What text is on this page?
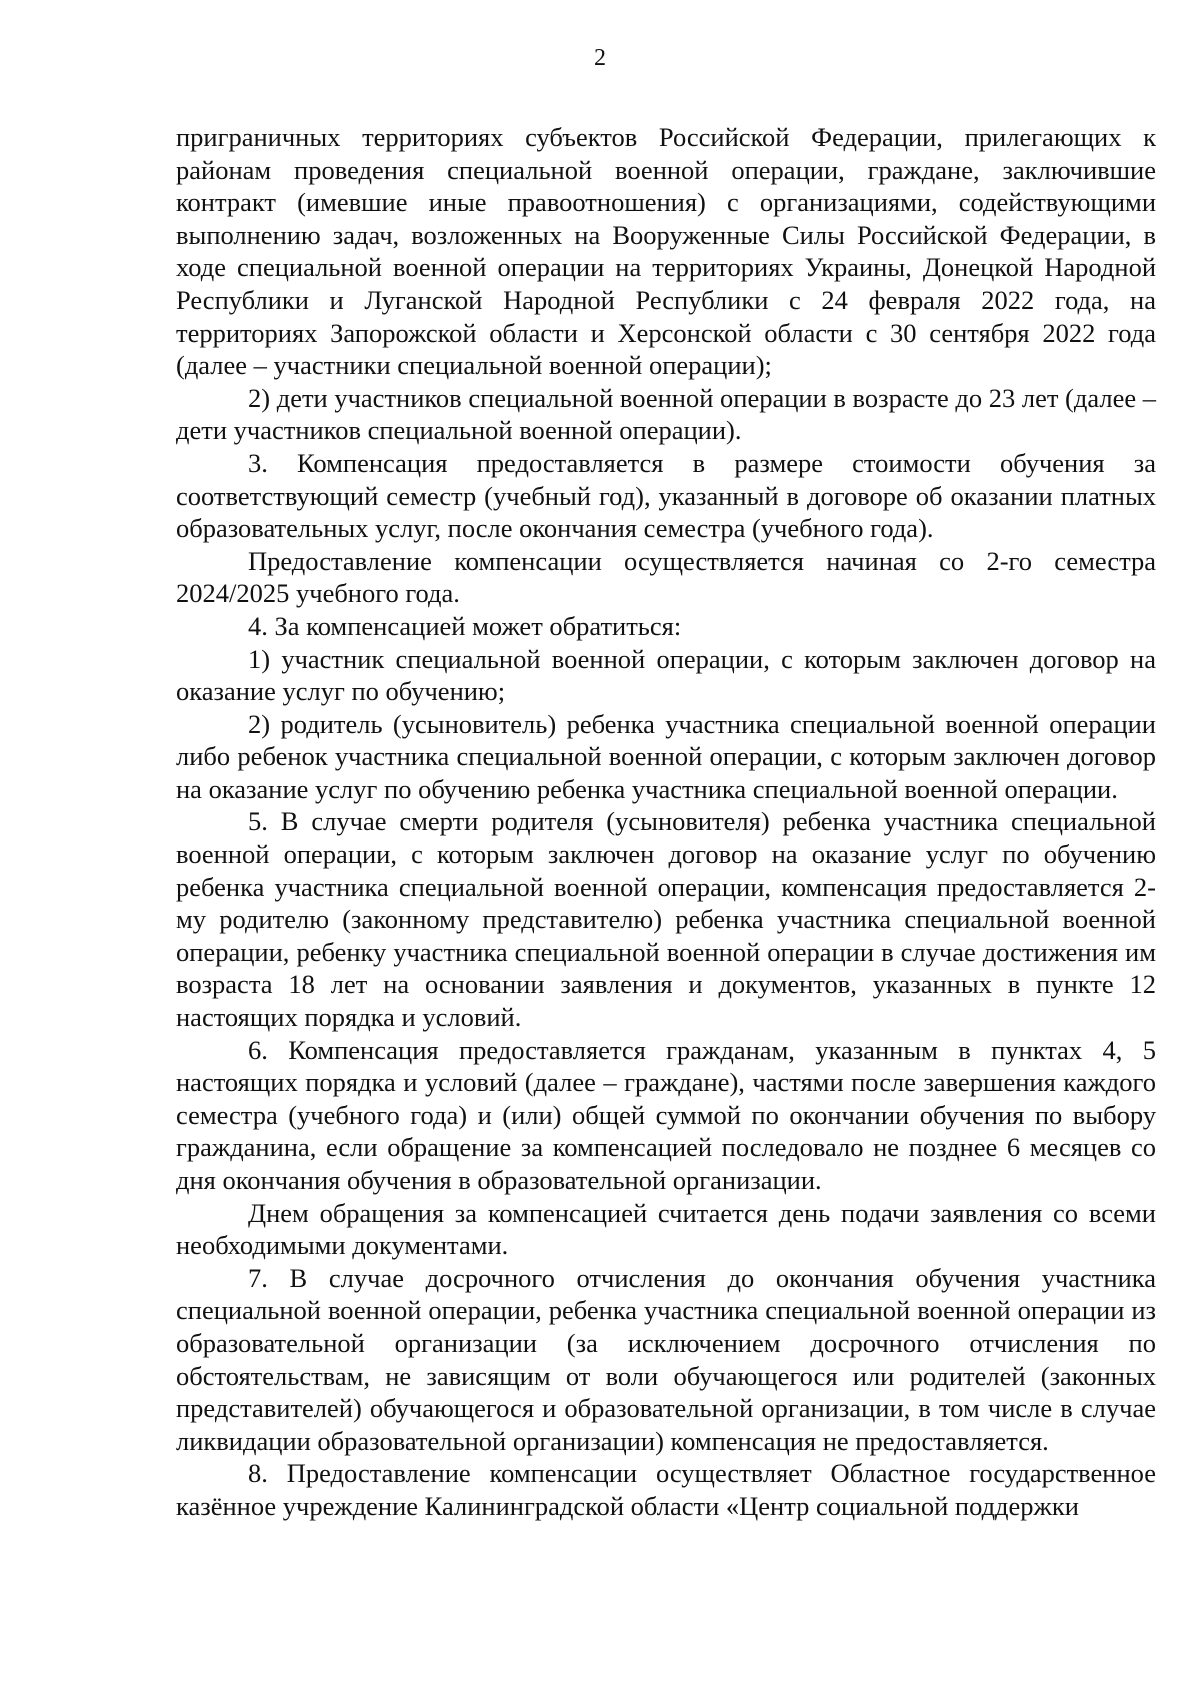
2

приграничных территориях субъектов Российской Федерации, прилегающих к районам проведения специальной военной операции, граждане, заключившие контракт (имевшие иные правоотношения) с организациями, содействующими выполнению задач, возложенных на Вооруженные Силы Российской Федерации, в ходе специальной военной операции на территориях Украины, Донецкой Народной Республики и Луганской Народной Республики с 24 февраля 2022 года, на территориях Запорожской области и Херсонской области с 30 сентября 2022 года (далее – участники специальной военной операции);

2) дети участников специальной военной операции в возрасте до 23 лет (далее – дети участников специальной военной операции).

3. Компенсация предоставляется в размере стоимости обучения за соответствующий семестр (учебный год), указанный в договоре об оказании платных образовательных услуг, после окончания семестра (учебного года).

Предоставление компенсации осуществляется начиная со 2-го семестра 2024/2025 учебного года.

4. За компенсацией может обратиться:

1) участник специальной военной операции, с которым заключен договор на оказание услуг по обучению;

2) родитель (усыновитель) ребенка участника специальной военной операции либо ребенок участника специальной военной операции, с которым заключен договор на оказание услуг по обучению ребенка участника специальной военной операции.

5. В случае смерти родителя (усыновителя) ребенка участника специальной военной операции, с которым заключен договор на оказание услуг по обучению ребенка участника специальной военной операции, компенсация предоставляется 2-му родителю (законному представителю) ребенка участника специальной военной операции, ребенку участника специальной военной операции в случае достижения им возраста 18 лет на основании заявления и документов, указанных в пункте 12 настоящих порядка и условий.

6. Компенсация предоставляется гражданам, указанным в пунктах 4, 5 настоящих порядка и условий (далее – граждане), частями после завершения каждого семестра (учебного года) и (или) общей суммой по окончании обучения по выбору гражданина, если обращение за компенсацией последовало не позднее 6 месяцев со дня окончания обучения в образовательной организации.

Днем обращения за компенсацией считается день подачи заявления со всеми необходимыми документами.

7. В случае досрочного отчисления до окончания обучения участника специальной военной операции, ребенка участника специальной военной операции из образовательной организации (за исключением досрочного отчисления по обстоятельствам, не зависящим от воли обучающегося или родителей (законных представителей) обучающегося и образовательной организации, в том числе в случае ликвидации образовательной организации) компенсация не предоставляется.

8. Предоставление компенсации осуществляет Областное государственное казённое учреждение Калининградской области «Центр социальной поддержки
